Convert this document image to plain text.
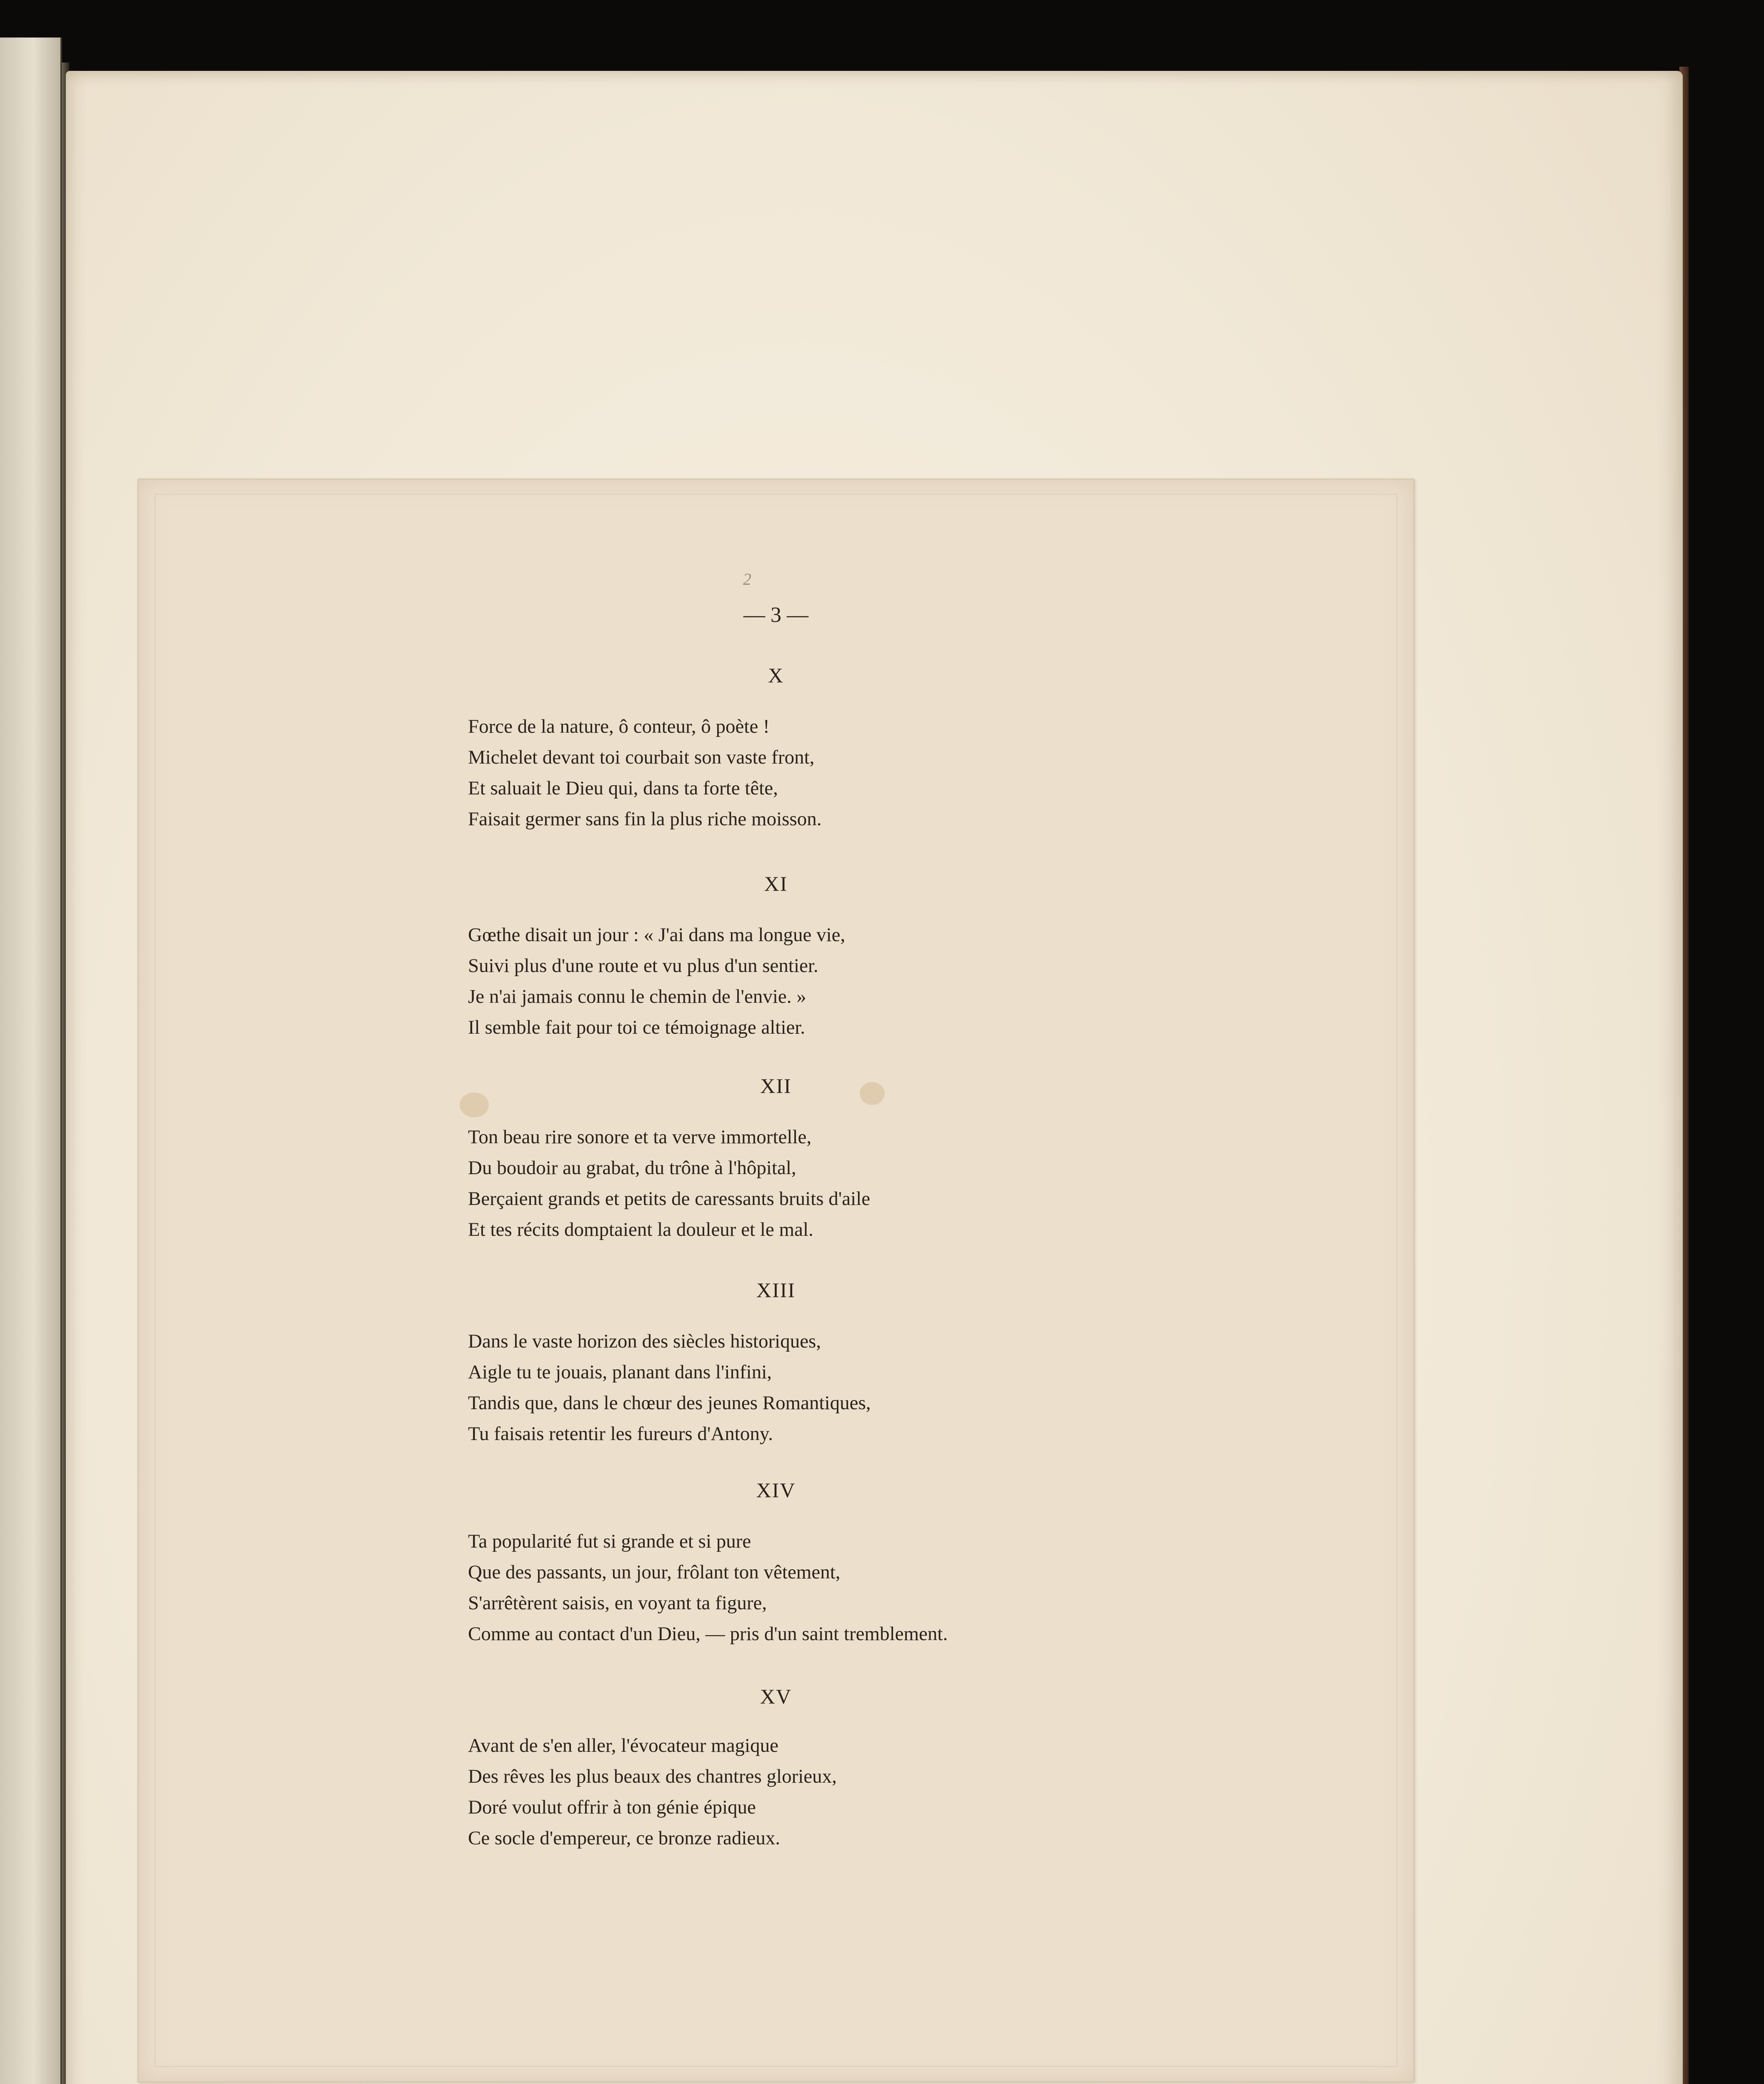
2
— 3 —
X
Force de la nature, ô conteur, ô poète !
Michelet devant toi courbait son vaste front,
Et saluait le Dieu qui, dans ta forte tête,
Faisait germer sans fin la plus riche moisson.
XI
Gœthe disait un jour : « J'ai dans ma longue vie,
Suivi plus d'une route et vu plus d'un sentier.
Je n'ai jamais connu le chemin de l'envie. »
Il semble fait pour toi ce témoignage altier.
XII
Ton beau rire sonore et ta verve immortelle,
Du boudoir au grabat, du trône à l'hôpital,
Berçaient grands et petits de caressants bruits d'aile
Et tes récits domptaient la douleur et le mal.
XIII
Dans le vaste horizon des siècles historiques,
Aigle tu te jouais, planant dans l'infini,
Tandis que, dans le chœur des jeunes Romantiques,
Tu faisais retentir les fureurs d'Antony.
XIV
Ta popularité fut si grande et si pure
Que des passants, un jour, frôlant ton vêtement,
S'arrêtèrent saisis, en voyant ta figure,
Comme au contact d'un Dieu, — pris d'un saint tremblement.
XV
Avant de s'en aller, l'évocateur magique
Des rêves les plus beaux des chantres glorieux,
Doré voulut offrir à ton génie épique
Ce socle d'empereur, ce bronze radieux.
